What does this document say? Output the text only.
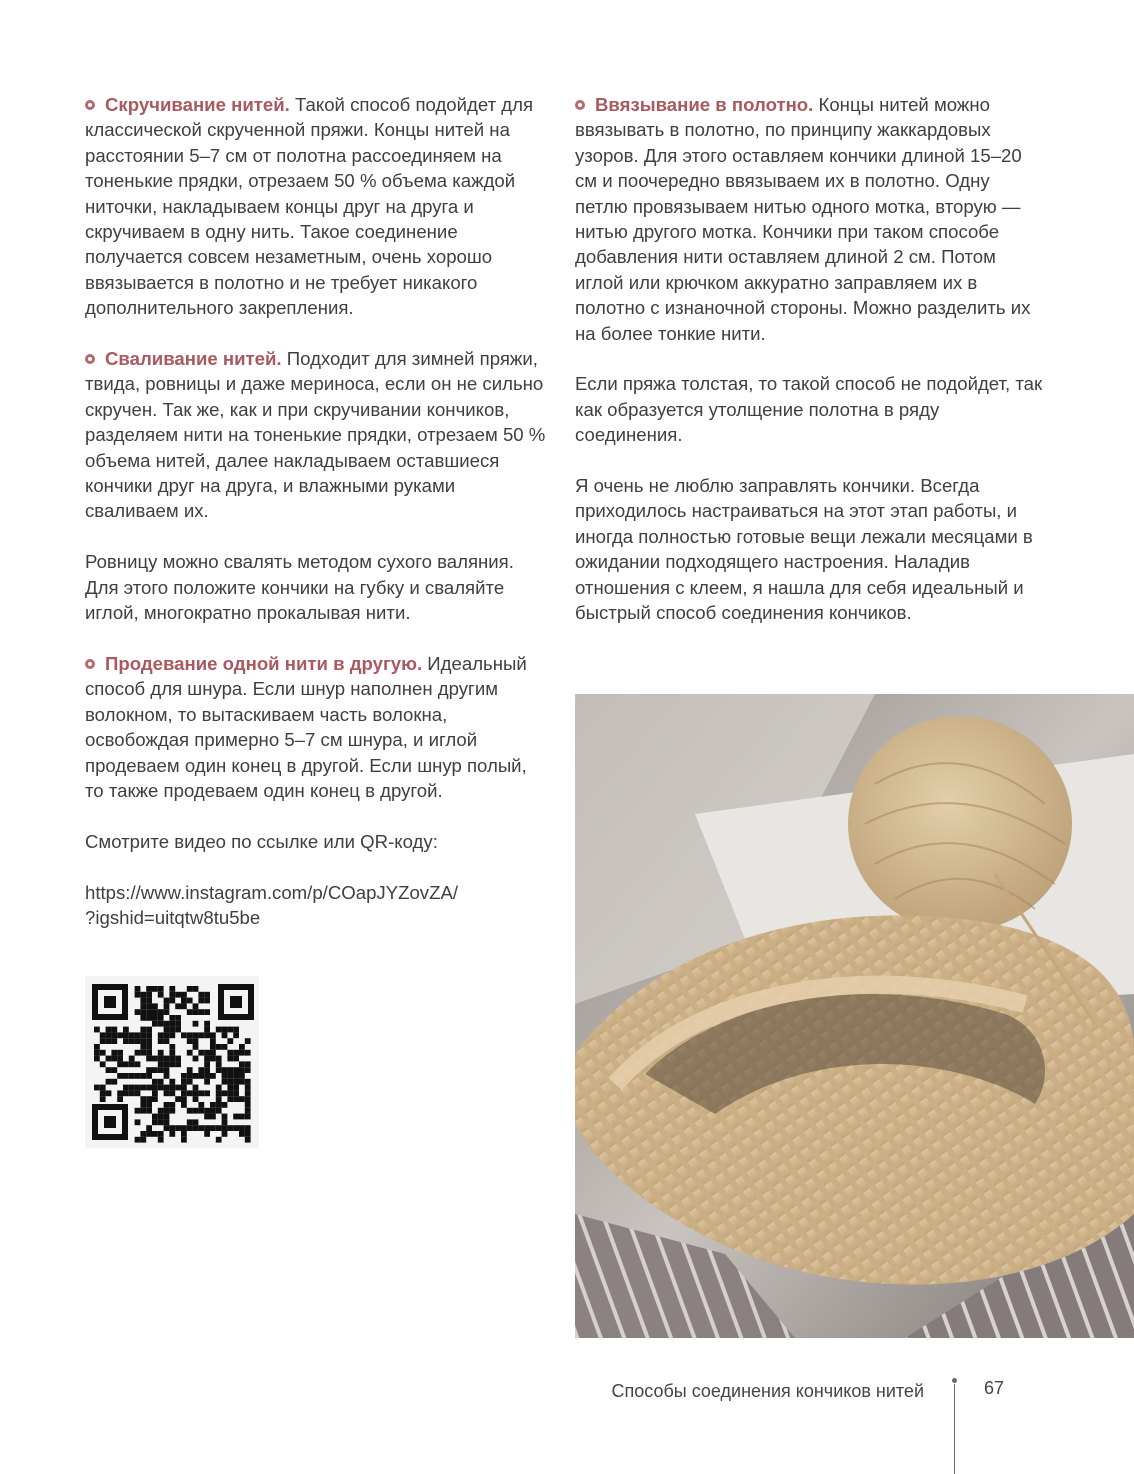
Скручивание нитей. Такой способ подойдет для классической скрученной пряжи. Концы нитей на расстоянии 5–7 см от полотна рассоединяем на тоненькие прядки, отрезаем 50 % объема каждой ниточки, накладываем концы друг на друга и скручиваем в одну нить. Такое соединение получается совсем незаметным, очень хорошо ввязывается в полотно и не требует никакого дополнительного закрепления.

Сваливание нитей. Подходит для зимней пряжи, твида, ровницы и даже мериноса, если он не сильно скручен. Так же, как и при скручивании кончиков, разделяем нити на тоненькие прядки, отрезаем 50 % объема нитей, далее накладываем оставшиеся кончики друг на друга, и влажными руками сваливаем их.

Ровницу можно свалять методом сухого валяния. Для этого положите кончики на губку и сваляйте иглой, многократно прокалывая нити.

Продевание одной нити в другую. Идеальный способ для шнура. Если шнур наполнен другим волокном, то вытаскиваем часть волокна, освобождая примерно 5–7 см шнура, и иглой продеваем один конец в другой. Если шнур полый, то также продеваем один конец в другой.

Смотрите видео по ссылке или QR-коду:

https://www.instagram.com/p/COapJYZovZA/
?igshid=uitqtw8tu5be

Ввязывание в полотно. Концы нитей можно ввязывать в полотно, по принципу жаккардовых узоров. Для этого оставляем кончики длиной 15–20 см и поочередно ввязываем их в полотно. Одну петлю провязываем нитью одного мотка, вторую — нитью другого мотка. Кончики при таком способе добавления нити оставляем длиной 2 см. Потом иглой или крючком аккуратно заправляем их в полотно с изнаночной стороны. Можно разделить их на более тонкие нити.

Если пряжа толстая, то такой способ не подойдет, так как образуется утолщение полотна в ряду соединения.

Я очень не люблю заправлять кончики. Всегда приходилось настраиваться на этот этап работы, и иногда полностью готовые вещи лежали месяцами в ожидании подходящего настроения. Наладив отношения с клеем, я нашла для себя идеальный и быстрый способ соединения кончиков.

Способы соединения кончиков нитей	67
